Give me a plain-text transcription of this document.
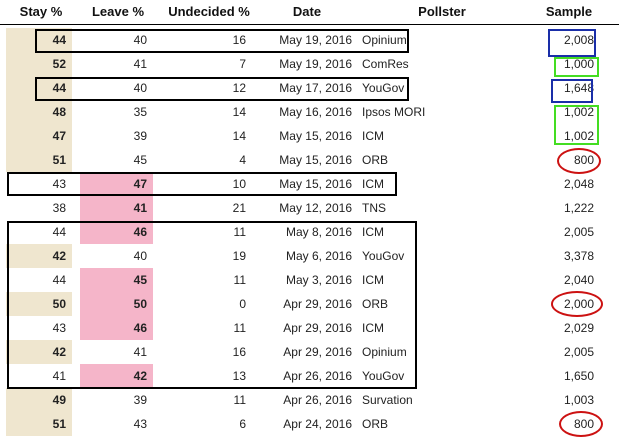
Stay %	Leave %	Undecided %	Date	Pollster	Sample
44	40	16	May 19, 2016 Opinium	2,008
52	41	7	May 19, 2016 ComRes	1,000
44	40	12	May 17, 2016 YouGov	1,648
48	35	14	May 16, 2016 Ipsos MORI	1,002
47	39	14	May 15, 2016 ICM	1,002
51	45	4	May 15, 2016 ORB	800
43	47	10	May 15, 2016 ICM	2,048
38	41	21	May 12, 2016 TNS	1,222
44	46	11	May 8, 2016 ICM	2,005
42	40	19	May 6, 2016 YouGov	3,378
44	45	11	May 3, 2016 ICM	2,040
50	50	0	Apr 29, 2016 ORB	2,000
43	46	11	Apr 29, 2016 ICM	2,029
42	41	16	Apr 29, 2016 Opinium	2,005
41	42	13	Apr 26, 2016 YouGov	1,650
49	39	11	Apr 26, 2016 Survation	1,003
51	43	6	Apr 24, 2016 ORB	800
